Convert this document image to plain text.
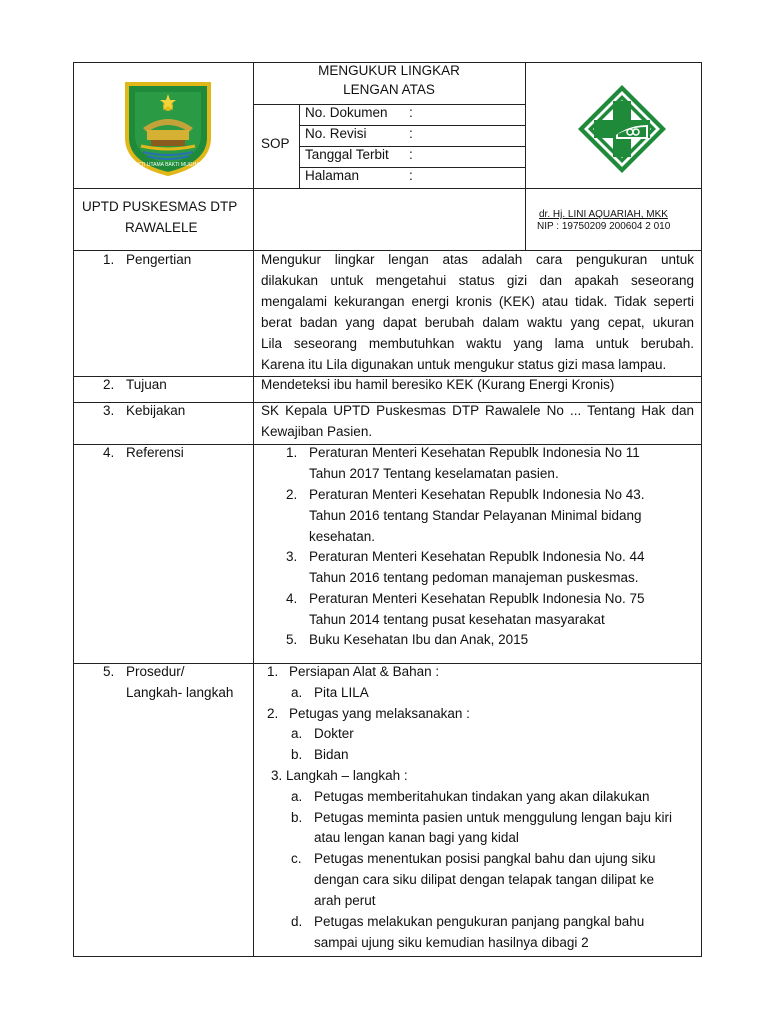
SERENG PANCASILA
BAKTI UTAMA BAKTI MUGHAYA
MENGUKUR LINGKAR
LENGAN ATAS
SOP
No. Dokumen :
No. Revisi	:
Tanggal Terbit :
Halaman	:
UPTD PUSKESMAS DTP
RAWALELE
dr. Hj. LINI AQUARIAH, MKK
NIP : 19750209 200604 2 010
1. Pengertian
2. Tujuan
3. Kebijakan
4. Referensi
5. Prosedur/
Langkah- langkah
Mengukur lingkar lengan atas adalah cara pengukuran untuk
dilakukan untuk mengetahui status gizi dan apakah seseorang
mengalami kekurangan energi kronis (KEK) atau tidak. Tidak seperti
berat badan yang dapat berubah dalam waktu yang cepat, ukuran
Lila seseorang membutuhkan waktu yang lama untuk berubah.
Karena itu Lila digunakan untuk mengukur status gizi masa lampau.
Mendeteksi ibu hamil beresiko KEK (Kurang Energi Kronis)
SK Kepala UPTD Puskesmas DTP Rawalele No ... Tentang Hak dan
Kewajiban Pasien.
1. Peraturan Menteri Kesehatan Republk Indonesia No 11
Tahun 2017 Tentang keselamatan pasien.
2. Peraturan Menteri Kesehatan Republk Indonesia No 43.
Tahun 2016 tentang Standar Pelayanan Minimal bidang
kesehatan.
3. Peraturan Menteri Kesehatan Republk Indonesia No. 44
Tahun 2016 tentang pedoman manajeman puskesmas.
4. Peraturan Menteri Kesehatan Republk Indonesia No. 75
Tahun 2014 tentang pusat kesehatan masyarakat
5. Buku Kesehatan Ibu dan Anak, 2015
1. Persiapan Alat & Bahan :
a. Pita LILA
2. Petugas yang melaksanakan :
a. Dokter
b. Bidan
3. Langkah – langkah :
a. Petugas memberitahukan tindakan yang akan dilakukan
b. Petugas meminta pasien untuk menggulung lengan baju kiri
atau lengan kanan bagi yang kidal
c. Petugas menentukan posisi pangkal bahu dan ujung siku
dengan cara siku dilipat dengan telapak tangan dilipat ke
arah perut
d. Petugas melakukan pengukuran panjang pangkal bahu
sampai ujung siku kemudian hasilnya dibagi 2
